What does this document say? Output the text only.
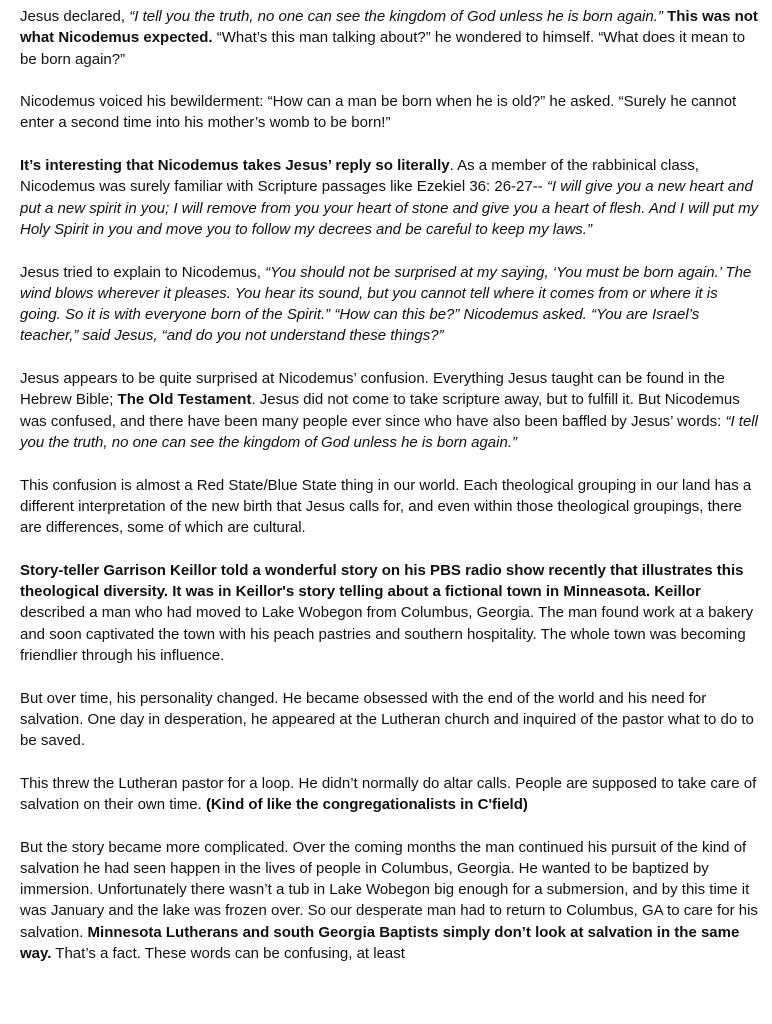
Jesus declared, “I tell you the truth, no one can see the kingdom of God unless he is born again.” This was not what Nicodemus expected. “What’s this man talking about?” he wondered to himself. “What does it mean to be born again?”

Nicodemus voiced his bewilderment: “How can a man be born when he is old?” he asked. “Surely he cannot enter a second time into his mother’s womb to be born!”

It’s interesting that Nicodemus takes Jesus’ reply so literally. As a member of the rabbinical class, Nicodemus was surely familiar with Scripture passages like Ezekiel 36: 26-27-- “I will give you a new heart and put a new spirit in you; I will remove from you your heart of stone and give you a heart of flesh. And I will put my Holy Spirit in you and move you to follow my decrees and be careful to keep my laws.”

Jesus tried to explain to Nicodemus, “You should not be surprised at my saying, ‘You must be born again.’ The wind blows wherever it pleases. You hear its sound, but you cannot tell where it comes from or where it is going. So it is with everyone born of the Spirit.” “How can this be?” Nicodemus asked. “You are Israel’s teacher,” said Jesus, “and do you not understand these things?”

Jesus appears to be quite surprised at Nicodemus’ confusion. Everything Jesus taught can be found in the Hebrew Bible; The Old Testament. Jesus did not come to take scripture away, but to fulfill it. But Nicodemus was confused, and there have been many people ever since who have also been baffled by Jesus’ words: “I tell you the truth, no one can see the kingdom of God unless he is born again.”

This confusion is almost a Red State/Blue State thing in our world. Each theological grouping in our land has a different interpretation of the new birth that Jesus calls for, and even within those theological groupings, there are differences, some of which are cultural.

Story-teller Garrison Keillor told a wonderful story on his PBS radio show recently that illustrates this theological diversity. It was in Keillor's story telling about a fictional town in Minneasota. Keillor described a man who had moved to Lake Wobegon from Columbus, Georgia. The man found work at a bakery and soon captivated the town with his peach pastries and southern hospitality. The whole town was becoming friendlier through his influence.

But over time, his personality changed. He became obsessed with the end of the world and his need for salvation. One day in desperation, he appeared at the Lutheran church and inquired of the pastor what to do to be saved.

This threw the Lutheran pastor for a loop. He didn’t normally do altar calls. People are supposed to take care of salvation on their own time. (Kind of like the congregationalists in C'field)

But the story became more complicated. Over the coming months the man continued his pursuit of the kind of salvation he had seen happen in the lives of people in Columbus, Georgia. He wanted to be baptized by immersion. Unfortunately there wasn’t a tub in Lake Wobegon big enough for a submersion, and by this time it was January and the lake was frozen over. So our desperate man had to return to Columbus, GA to care for his salvation. Minnesota Lutherans and south Georgia Baptists simply don’t look at salvation in the same way. That’s a fact. These words can be confusing, at least
